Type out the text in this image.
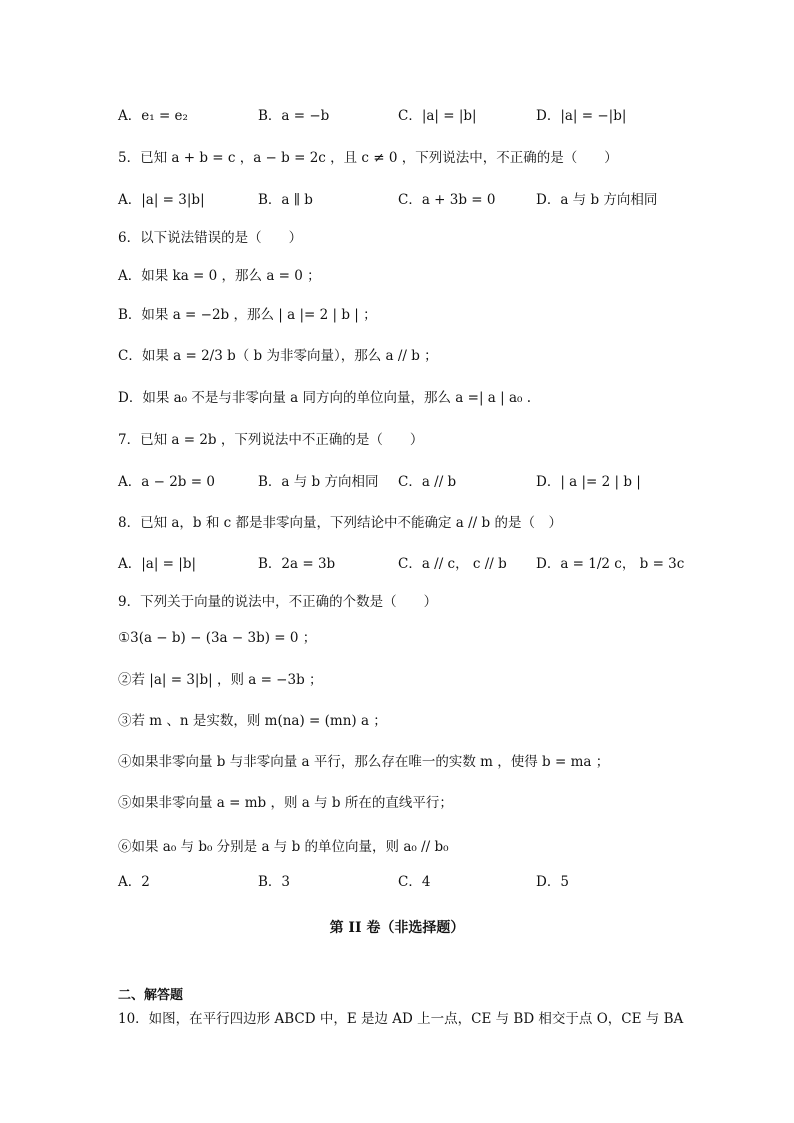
A．e₁ = e₂	B．a = −b	C．|a| = |b|	D．|a| = −|b|
5．已知 a + b = c ，a − b = 2c ，且 c ≠ 0 ，下列说法中，不正确的是（　　）
A．|a| = 3|b|	B．a ∥ b	C．a + 3b = 0	D．a 与 b 方向相同
6．以下说法错误的是（　　）
A．如果 ka = 0 ，那么 a = 0 ；
B．如果 a = −2b ，那么 | a |= 2 | b | ；
C．如果 a = 2/3 b（ b 为非零向量），那么 a // b ；
D．如果 a₀ 不是与非零向量 a 同方向的单位向量，那么 a =| a | a₀ .
7．已知 a = 2b ，下列说法中不正确的是（　　）
A．a − 2b = 0	B．a 与 b 方向相同 C．a // b	D．| a |= 2 | b |
8．已知 a，b 和 c 都是非零向量，下列结论中不能确定 a // b 的是（　）
A．|a| = |b|	B．2a = 3b	C．a // c， c // b D．a = 1/2 c， b = 3c
9．下列关于向量的说法中，不正确的个数是（　　）
①3(a − b) − (3a − 3b) = 0 ；
②若 |a| = 3|b| ，则 a = −3b ；
③若 m 、n 是实数，则 m(na) = (mn) a ；
④如果非零向量 b 与非零向量 a 平行，那么存在唯一的实数 m ，使得 b = ma ；
⑤如果非零向量 a = mb ，则 a 与 b 所在的直线平行；
⑥如果 a₀ 与 b₀ 分别是 a 与 b 的单位向量，则 a₀ // b₀
A．2	B．3	C．4	D．5
第 II 卷（非选择题）
二、解答题
10．如图，在平行四边形 ABCD 中，E 是边 AD 上一点，CE 与 BD 相交于点 O，CE 与 BA
